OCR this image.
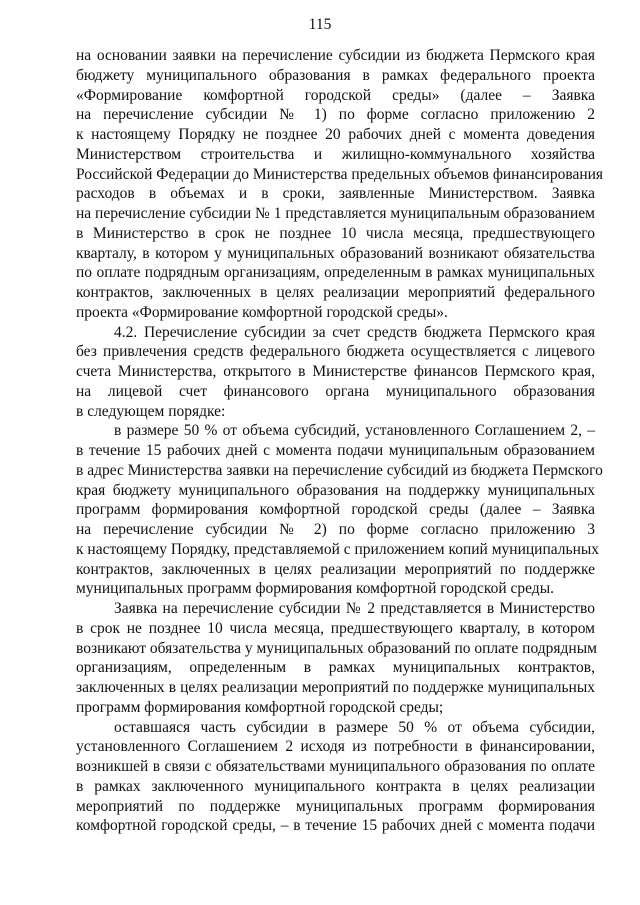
115
на основании заявки на перечисление субсидии из бюджета Пермского края
бюджету муниципального образования в рамках федерального проекта
«Формирование комфортной городской среды» (далее – Заявка
на перечисление субсидии № 1) по форме согласно приложению 2
к настоящему Порядку не позднее 20 рабочих дней с момента доведения
Министерством строительства и жилищно-коммунального хозяйства
Российской Федерации до Министерства предельных объемов финансирования
расходов в объемах и в сроки, заявленные Министерством. Заявка
на перечисление субсидии № 1 представляется муниципальным образованием
в Министерство в срок не позднее 10 числа месяца, предшествующего
кварталу, в котором у муниципальных образований возникают обязательства
по оплате подрядным организациям, определенным в рамках муниципальных
контрактов, заключенных в целях реализации мероприятий федерального
проекта «Формирование комфортной городской среды».
4.2. Перечисление субсидии за счет средств бюджета Пермского края
без привлечения средств федерального бюджета осуществляется с лицевого
счета Министерства, открытого в Министерстве финансов Пермского края,
на лицевой счет финансового органа муниципального образования
в следующем порядке:
в размере 50 % от объема субсидий, установленного Соглашением 2, –
в течение 15 рабочих дней с момента подачи муниципальным образованием
в адрес Министерства заявки на перечисление субсидий из бюджета Пермского
края бюджету муниципального образования на поддержку муниципальных
программ формирования комфортной городской среды (далее – Заявка
на перечисление субсидии № 2) по форме согласно приложению 3
к настоящему Порядку, представляемой с приложением копий муниципальных
контрактов, заключенных в целях реализации мероприятий по поддержке
муниципальных программ формирования комфортной городской среды.
Заявка на перечисление субсидии № 2 представляется в Министерство
в срок не позднее 10 числа месяца, предшествующего кварталу, в котором
возникают обязательства у муниципальных образований по оплате подрядным
организациям, определенным в рамках муниципальных контрактов,
заключенных в целях реализации мероприятий по поддержке муниципальных
программ формирования комфортной городской среды;
оставшаяся часть субсидии в размере 50 % от объема субсидии,
установленного Соглашением 2 исходя из потребности в финансировании,
возникшей в связи с обязательствами муниципального образования по оплате
в рамках заключенного муниципального контракта в целях реализации
мероприятий по поддержке муниципальных программ формирования
комфортной городской среды, – в течение 15 рабочих дней с момента подачи
